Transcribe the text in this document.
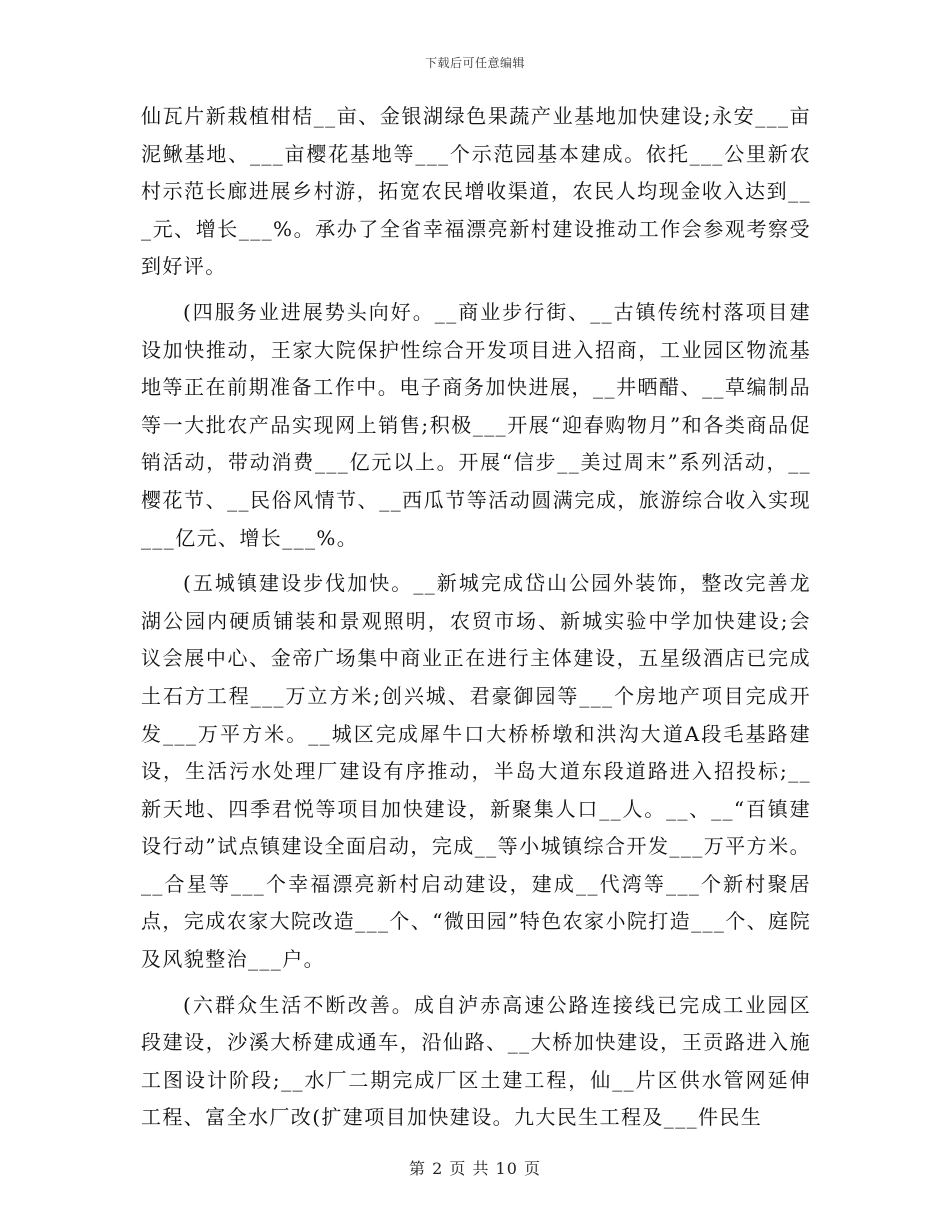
下载后可任意编辑

仙瓦片新栽植柑桔__亩、金银湖绿色果蔬产业基地加快建设;永安___亩泥鳅基地、___亩樱花基地等___个示范园基本建成。依托___公里新农村示范长廊进展乡村游，拓宽农民增收渠道，农民人均现金收入达到___元、增长___%。承办了全省幸福漂亮新村建设推动工作会参观考察受到好评。

(四服务业进展势头向好。__商业步行街、__古镇传统村落项目建设加快推动，王家大院保护性综合开发项目进入招商，工业园区物流基地等正在前期准备工作中。电子商务加快进展，__井晒醋、__草编制品等一大批农产品实现网上销售;积极___开展“迎春购物月”和各类商品促销活动，带动消费___亿元以上。开展“信步__美过周末”系列活动，__樱花节、__民俗风情节、__西瓜节等活动圆满完成，旅游综合收入实现___亿元、增长___%。

(五城镇建设步伐加快。__新城完成岱山公园外装饰，整改完善龙湖公园内硬质铺装和景观照明，农贸市场、新城实验中学加快建设;会议会展中心、金帝广场集中商业正在进行主体建设，五星级酒店已完成土石方工程___万立方米;创兴城、君豪御园等___个房地产项目完成开发___万平方米。__城区完成犀牛口大桥桥墩和洪沟大道A段毛基路建设，生活污水处理厂建设有序推动，半岛大道东段道路进入招投标;__新天地、四季君悦等项目加快建设，新聚集人口__人。__、__“百镇建设行动”试点镇建设全面启动，完成__等小城镇综合开发___万平方米。__合星等___个幸福漂亮新村启动建设，建成__代湾等___个新村聚居点，完成农家大院改造___个、“微田园”特色农家小院打造___个、庭院及风貌整治___户。

(六群众生活不断改善。成自泸赤高速公路连接线已完成工业园区段建设，沙溪大桥建成通车，沿仙路、__大桥加快建设，王贡路进入施工图设计阶段;__水厂二期完成厂区土建工程，仙__片区供水管网延伸工程、富全水厂改(扩建项目加快建设。九大民生工程及___件民生

第 2 页 共 10 页
